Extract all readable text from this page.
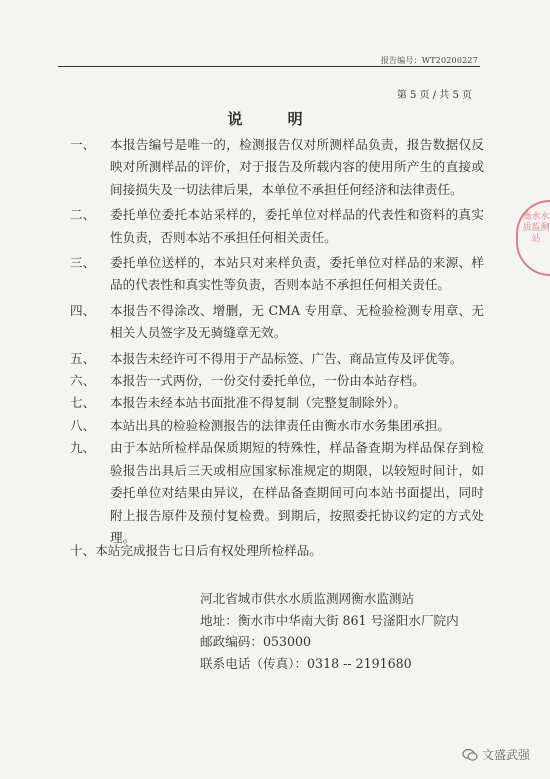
报告编号：WT20200227
第 5 页 / 共 5 页
说 明
一、	本报告编号是唯一的，检测报告仅对所测样品负责，报告数据仅反映对所测样品的评价，对于报告及所载内容的使用所产生的直接或间接损失及一切法律后果，本单位不承担任何经济和法律责任。
二、	委托单位委托本站采样的，委托单位对样品的代表性和资料的真实性负责，否则本站不承担任何相关责任。
三、	委托单位送样的，本站只对来样负责，委托单位对样品的来源、样品的代表性和真实性等负责，否则本站不承担任何相关责任。
四、	本报告不得涂改、增删，无 CMA 专用章、无检验检测专用章、无相关人员签字及无骑缝章无效。
五、	本报告未经许可不得用于产品标签、广告、商品宣传及评优等。
六、	本报告一式两份，一份交付委托单位，一份由本站存档。
七、	本报告未经本站书面批准不得复制（完整复制除外）。
八、	本站出具的检验检测报告的法律责任由衡水市水务集团承担。
九、	由于本站所检样品保质期短的特殊性，样品备查期为样品保存到检验报告出具后三天或相应国家标准规定的期限，以较短时间计，如委托单位对结果由异议，在样品备查期间可向本站书面提出，同时附上报告原件及预付复检费。到期后，按照委托协议约定的方式处理。
十、本站完成报告七日后有权处理所检样品。
河北省城市供水水质监测网衡水监测站
地址：衡水市中华南大街 861 号滏阳水厂院内
邮政编码：053000
联系电话（传真）：0318 -- 2191680
衡水水质监测站
文盛武强
